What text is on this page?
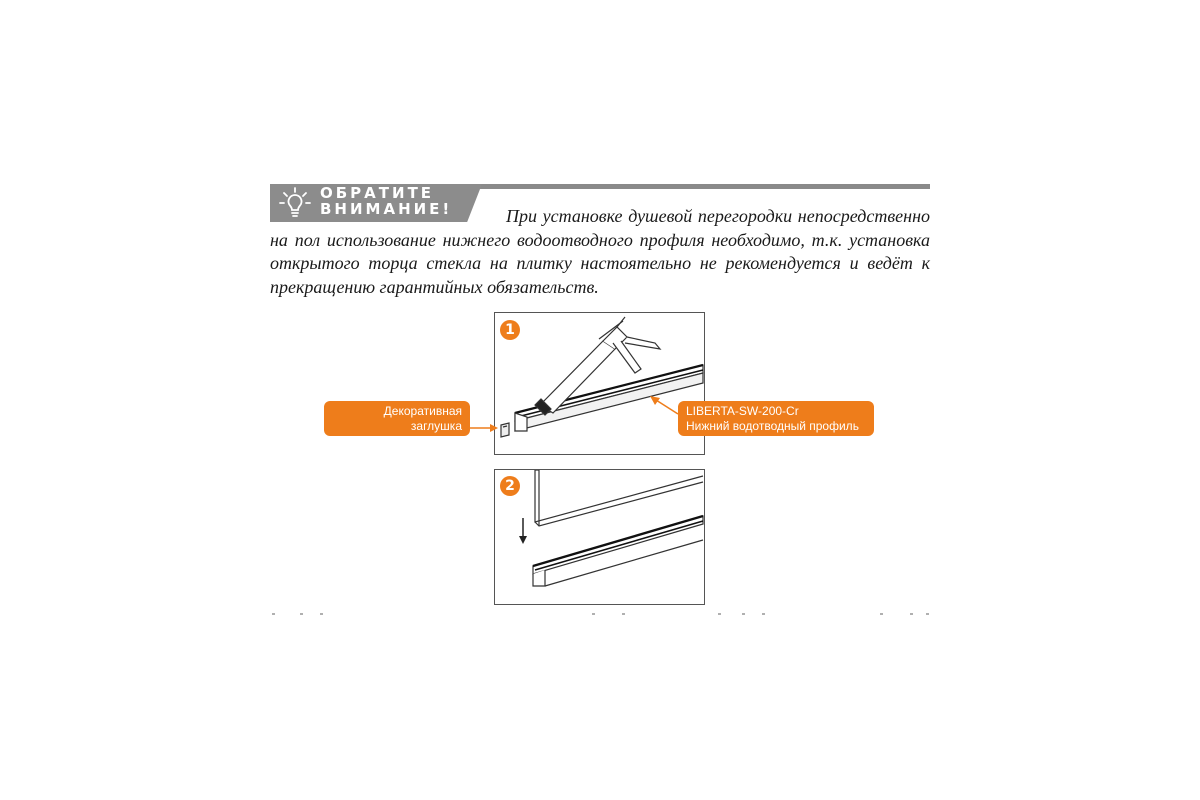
ОБРАТИТЕ
ВНИМАНИЕ!	При установке душевой перегородки непосредственно на пол использование нижнего водоотводного профиля необходимо, т.к. установка открытого торца стекла на плитку настоятельно не рекомендуется и ведёт к прекращению гарантийных обязательств.
1
2
Декоративная заглушка
профиля
LIBERTA-SW-200-Cr
Нижний водотводный профиль
